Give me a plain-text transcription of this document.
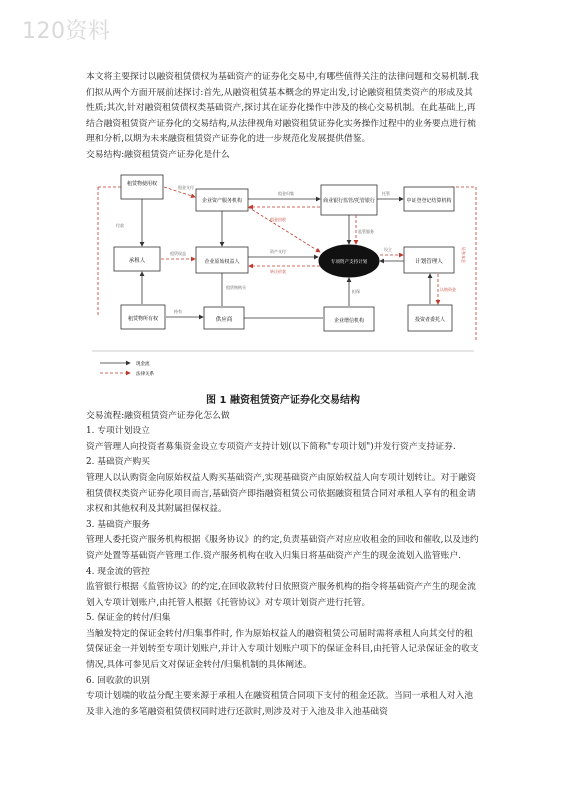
120资料

本文将主要探讨以融资租赁债权为基础资产的证券化交易中,有哪些值得关注的法律问题和交易机制.我们拟从两个方面开展前述探讨:首先,从融资租赁基本概念的界定出发,讨论融资租赁类资产的形成及其性质;其次,针对融资租赁债权类基础资产,探讨其在证券化操作中涉及的核心交易机制。在此基础上,再结合融资租赁资产证券化的交易结构,从法律视角对融资租赁证券化实务操作过程中的业务要点进行梳理和分析,以期为未来融资租赁资产证券化的进一步规范化发展提供借鉴。

交易结构:融资租赁资产证券化是什么

租赁物使用权
企业资产服务机构	商业银行监管/托管银行	中证登登记结算机构
承租人	企业原始权益人	专项资产支持计划	计划管理人
租赁物所有权	供应商	企业增信机构	投资者委托人
租金支付
租金归集	托管
租金回收
监管服务
租赁权益	资产支付
转让价款
设立
认购资金
担保
租赁物购买
持有
付款
证券本息
现金流
法律关系
图 1 融资租赁资产证券化交易结构

交易流程:融资租赁资产证券化怎么做

1. 专项计划设立

资产管理人向投资者募集资金设立专项资产支持计划(以下简称"专项计划")并发行资产支持证券.

2. 基础资产购买

管理人以认购资金向原始权益人购买基础资产,实现基础资产由原始权益人向专项计划转让。对于融资租赁债权类资产证券化项目而言,基础资产即指融资租赁公司依据融资租赁合同对承租人享有的租金请求权和其他权利及其附属担保权益。

3. 基础资产服务

管理人委托资产服务机构根据《服务协议》的约定,负责基础资产对应应收租金的回收和催收,以及违约资产处置等基础资产管理工作.资产服务机构在收入归集日将基础资产产生的现金流划入监管账户.

4. 现金流的管控

监管银行根据《监管协议》的约定,在回收款转付日依照资产服务机构的指令将基础资产产生的现金流划入专项计划账户,由托管人根据《托管协议》对专项计划资产进行托管。

5. 保证金的转付/归集

当触发特定的保证金转付/归集事件时, 作为原始权益人的融资租赁公司届时需将承租人向其交付的租赁保证金一并划转至专项计划账户,并计入专项计划账户项下的保证金科目,由托管人记录保证金的收支情况,具体可参见后文对保证金转付/归集机制的具体阐述。

6. 回收款的识别

专项计划端的收益分配主要来源于承租人在融资租赁合同项下支付的租金还款。当同一承租人对入池及非入池的多笔融资租赁债权同时进行还款时,则涉及对于入池及非入池基础资
